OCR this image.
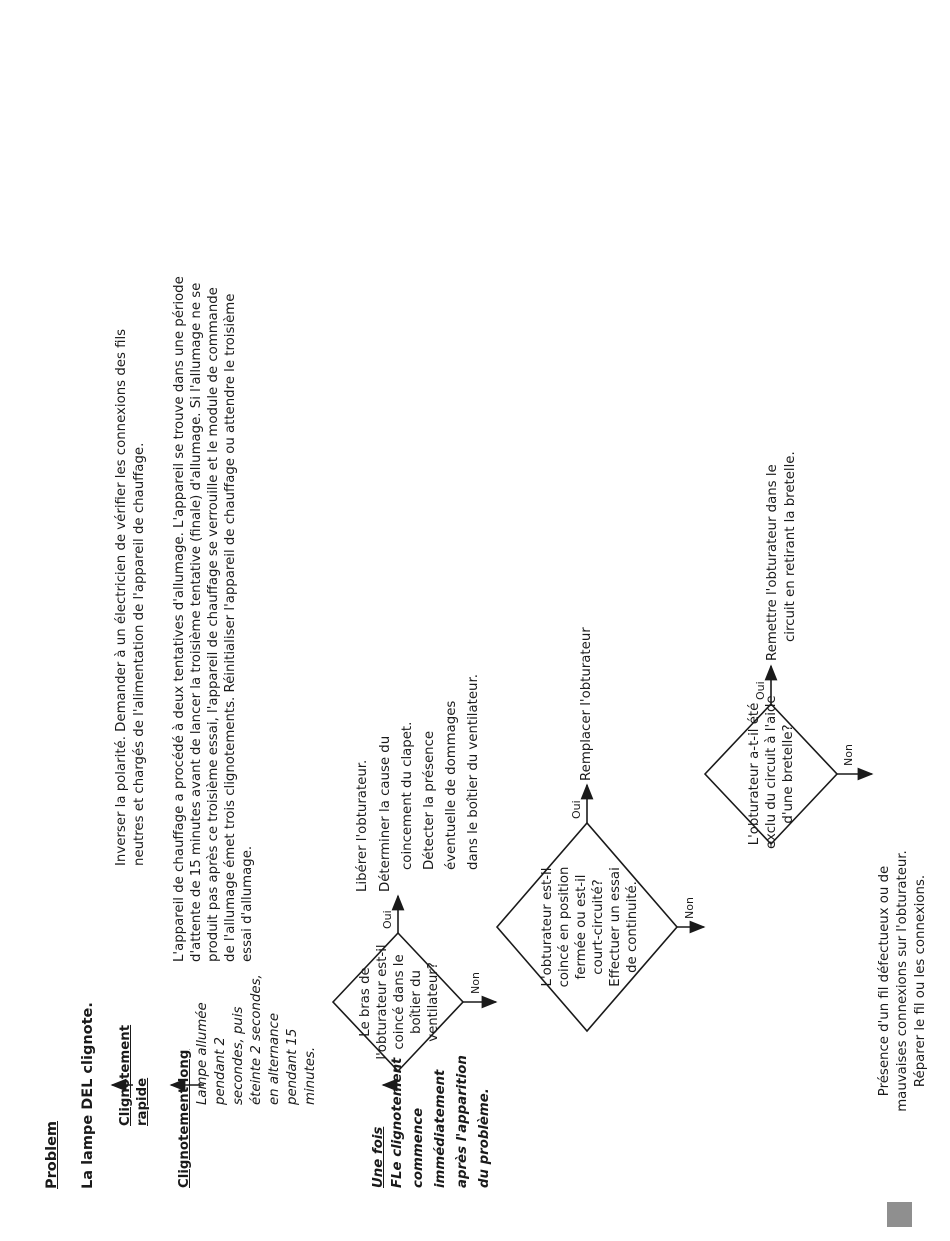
Problem La lampe DEL clignote. Clignotement rapide
Inverser la polarité. Demander à un électricien de vérifier les connexions des fils neutres et chargés de l'alimentation de l'appareil de chauffage.
Clignotement long Lampe allumée pendant 2 secondes, puis éteinte 2 secondes, en alternance pendant 15 minutes.
L'appareil de chauffage a procédé à deux tentatives d'allumage. L'appareil se trouve dans une période d'attente de 15 minutes avant de lancer la troisième tentative (finale) d'allumage. Si l'allumage ne se produit pas après ce troisième essai, l'appareil de chauffage se verrouille et le module de commande de l'allumage émet trois clignotements. Réinitialiser l'appareil de chauffage ou attendre le troisième essai d'allumage.
Une fois FLe clignotement commence immédiatement après l'apparition du problème.
Le bras de l'obturateur est-il coincé dans le boîtier du ventilateur?
L'obturateur est-il coincé en position fermée ou est-il court-circuité? Effectuer un essai de continuité.
L'obturateur a-t-il été exclu du circuit à l'aide d'une bretelle?
Oui
Oui
Oui
Non
Non
Non
Libérer l'obturateur. Déterminer la cause du coincement du clapet. Détecter la présence éventuelle de dommages dans le boîtier du ventilateur.	Remplacer l'obturateur
Remettre l'obturateur dans le circuit en retirant la bretelle.
Présence d'un fil défectueux ou de mauvaises connexions sur l'obturateur. Réparer le fil ou les connexions.
